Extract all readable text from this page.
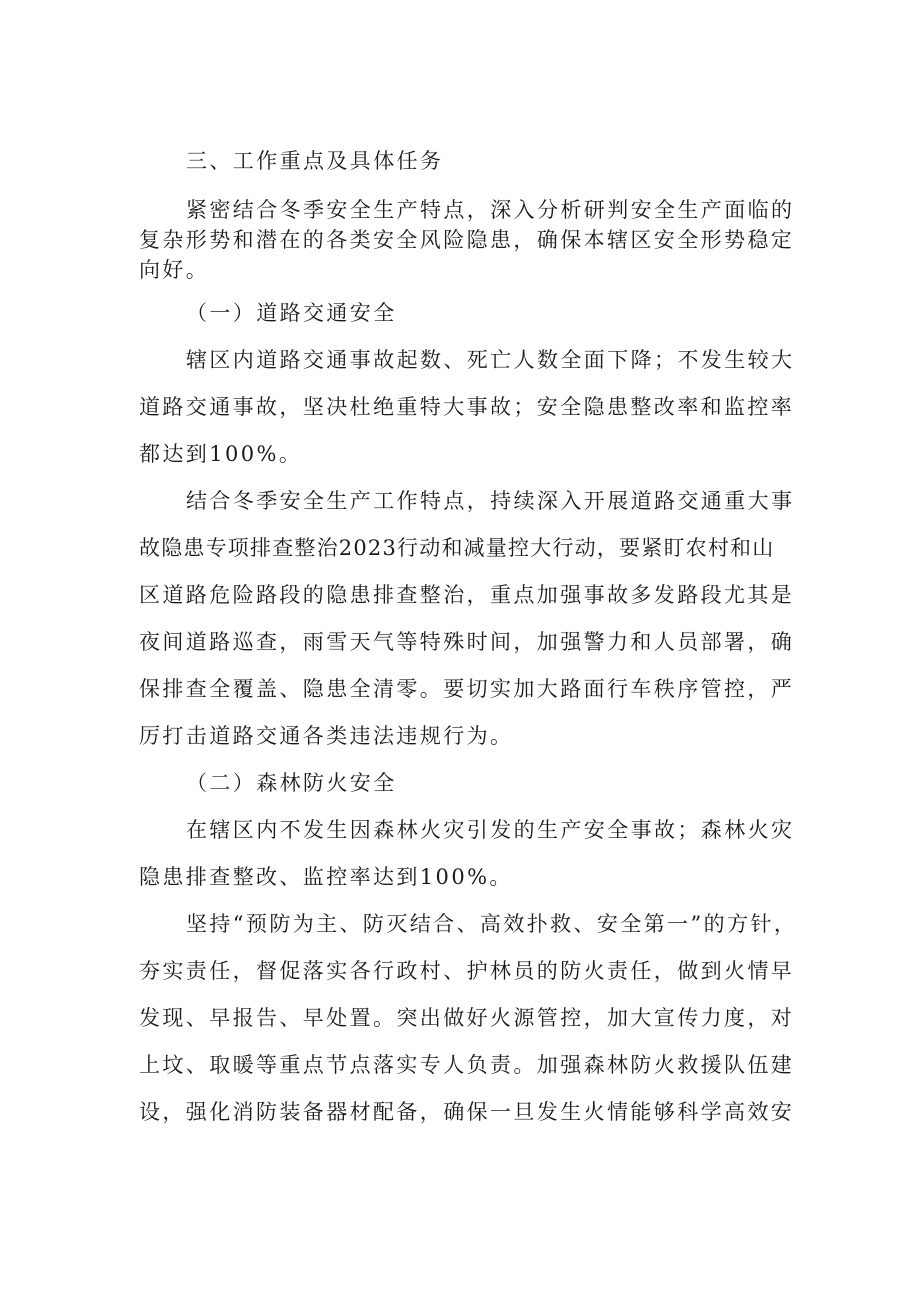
三、工作重点及具体任务
紧密结合冬季安全生产特点，深入分析研判安全生产面临的
复杂形势和潜在的各类安全风险隐患，确保本辖区安全形势稳定
向好。
（一）道路交通安全
辖区内道路交通事故起数、死亡人数全面下降；不发生较大
道路交通事故，坚决杜绝重特大事故；安全隐患整改率和监控率
都达到100%。
结合冬季安全生产工作特点，持续深入开展道路交通重大事
故隐患专项排查整治2023行动和减量控大行动，要紧盯农村和山
区道路危险路段的隐患排查整治，重点加强事故多发路段尤其是
夜间道路巡查，雨雪天气等特殊时间，加强警力和人员部署，确
保排查全覆盖、隐患全清零。要切实加大路面行车秩序管控，严
厉打击道路交通各类违法违规行为。
（二）森林防火安全
在辖区内不发生因森林火灾引发的生产安全事故；森林火灾
隐患排查整改、监控率达到100%。
坚持“预防为主、防灭结合、高效扑救、安全第一”的方针，
夯实责任，督促落实各行政村、护林员的防火责任，做到火情早
发现、早报告、早处置。突出做好火源管控，加大宣传力度，对
上坟、取暖等重点节点落实专人负责。加强森林防火救援队伍建
设，强化消防装备器材配备，确保一旦发生火情能够科学高效安
